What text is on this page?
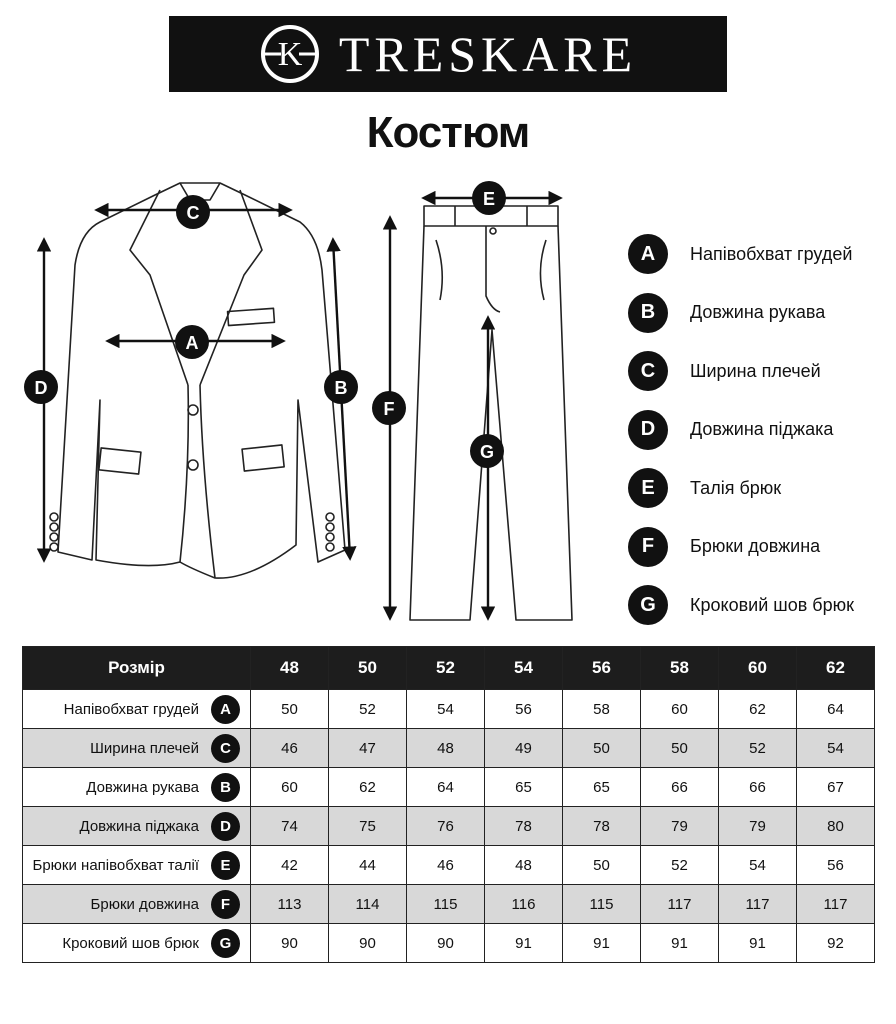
K TRESKARE
Костюм
C
A
D	B
E
F
G
A	Напівобхват грудей
B	Довжина рукава
C	Ширина плечей
D	Довжина піджака
E	Талія брюк
F	Брюки довжина
G	Кроковий шов брюк
Розмір	48	50	52	54	56	58	60	62
Напівобхват грудей A	50	52	54	56	58	60	62	64
Ширина плечей C	46	47	48	49	50	50	52	54
Довжина рукава B	60	62	64	65	65	66	66	67
Довжина піджака D	74	75	76	78	78	79	79	80
Брюки напівобхват талії E	42	44	46	48	50	52	54	56
Брюки довжина F	113	114	115	116	115	117	117	117
Кроковий шов брюк G	90	90	90	91	91	91	91	92
